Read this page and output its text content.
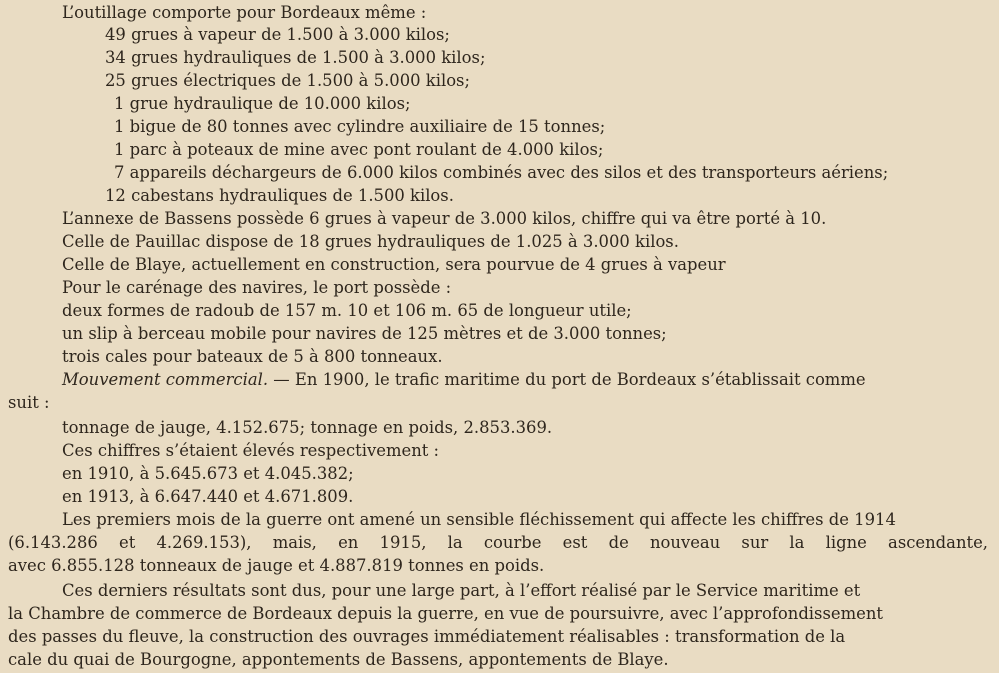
L’outillage comporte pour Bordeaux même :

49 grues à vapeur de 1.500 à 3.000 kilos;

34 grues hydrauliques de 1.500 à 3.000 kilos;

25 grues électriques de 1.500 à 5.000 kilos;

1 grue hydraulique de 10.000 kilos;

1 bigue de 80 tonnes avec cylindre auxiliaire de 15 tonnes;

1 parc à poteaux de mine avec pont roulant de 4.000 kilos;

7 appareils déchargeurs de 6.000 kilos combinés avec des silos et des transporteurs aériens;

12 cabestans hydrauliques de 1.500 kilos.

L’annexe de Bassens possède 6 grues à vapeur de 3.000 kilos, chiffre qui va être porté à 10.

Celle de Pauillac dispose de 18 grues hydrauliques de 1.025 à 3.000 kilos.

Celle de Blaye, actuellement en construction, sera pourvue de 4 grues à vapeur

Pour le carénage des navires, le port possède :

deux formes de radoub de 157 m. 10 et 106 m. 65 de longueur utile;

un slip à berceau mobile pour navires de 125 mètres et de 3.000 tonnes;

trois cales pour bateaux de 5 à 800 tonneaux.

Mouvement commercial. — En 1900, le trafic maritime du port de Bordeaux s’établissait comme

suit :

tonnage de jauge, 4.152.675; tonnage en poids, 2.853.369.

Ces chiffres s’étaient élevés respectivement :

en 1910, à 5.645.673 et 4.045.382;

en 1913, à 6.647.440 et 4.671.809.

Les premiers mois de la guerre ont amené un sensible fléchissement qui affecte les chiffres de 1914

(6.143.286 et 4.269.153), mais, en 1915, la courbe est de nouveau sur la ligne ascendante,

avec 6.855.128 tonneaux de jauge et 4.887.819 tonnes en poids.

Ces derniers résultats sont dus, pour une large part, à l’effort réalisé par le Service maritime et

la Chambre de commerce de Bordeaux depuis la guerre, en vue de poursuivre, avec l’approfondissement

des passes du fleuve, la construction des ouvrages immédiatement réalisables : transformation de la

cale du quai de Bourgogne, appontements de Bassens, appontements de Blaye.
